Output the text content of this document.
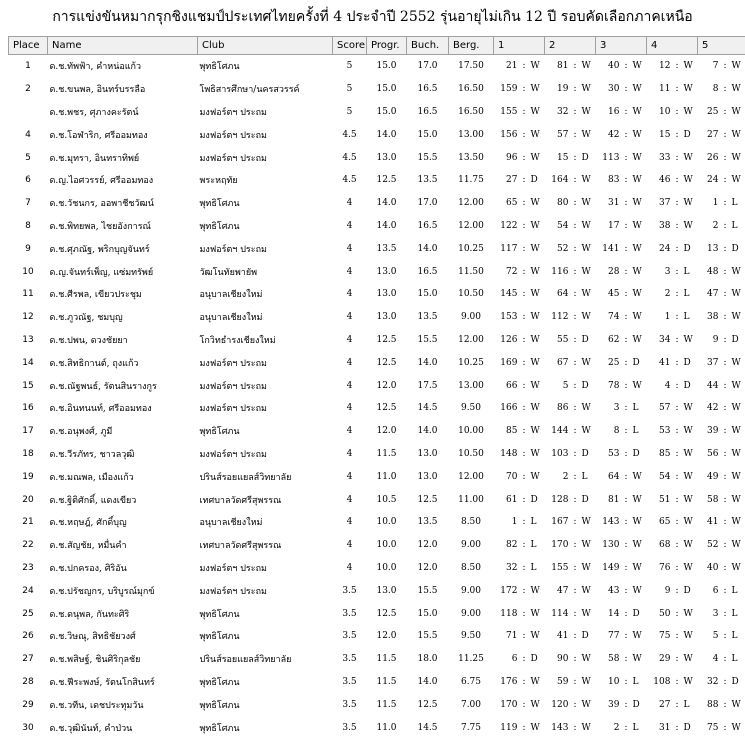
การแข่งขันหมากรุกชิงแชมป์ประเทศไทยครั้งที่ 4 ประจำปี 2552 รุ่นอายุไม่เกิน 12 ปี รอบคัดเลือกภาคเหนือ
Place	Name	Club	Score	Progr.	Buch.	Berg.	1	2	3	4	5
1	ด.ช.ทัพฟ้า, คำหน่อแก้ว	พุทธิโศภน	5	15.0	17.0	17.50	21 : W	81 : W	40 : W	12 : W	7 : W
2	ด.ช.ขนพล, อินทร์บรรลือ	โพธิสารศึกษา/นครสวรรค์	5	15.0	16.5	16.50	159 : W	19 : W	30 : W	11 : W	8 : W
	ด.ช.พชร, ศุภางคะรัตน์	มงฟอร์ตฯ ประถม	5	15.0	16.5	16.50	155 : W	32 : W	16 : W	10 : W	25 : W
4	ด.ช.โอฬาริก, ศรีออมทอง	มงฟอร์ตฯ ประถม	4.5	14.0	15.0	13.00	156 : W	57 : W	42 : W	15 : D	27 : W
5	ด.ช.มุทรา, อินทราทิพย์	มงฟอร์ตฯ ประถม	4.5	13.0	15.5	13.50	96 : W	15 : D	113 : W	33 : W	26 : W
6	ด.ญ.ไอศวรรย์, ศรีออมทอง	พระหฤทัย	4.5	12.5	13.5	11.75	27 : D	164 : W	83 : W	46 : W	24 : W
7	ด.ช.วัชนกร, ออพาชีชวัฒน์	พุทธิโศภน	4	14.0	17.0	12.00	65 : W	80 : W	31 : W	37 : W	1 : L
8	ด.ช.พิทยพล, ไชยอังการณ์	พุทธิโศภน	4	14.0	16.5	12.00	122 : W	54 : W	17 : W	38 : W	2 : L
9	ด.ช.ศุภณัฐ, พริกบุญจันทร์	มงฟอร์ตฯ ประถม	4	13.5	14.0	10.25	117 : W	52 : W	141 : W	24 : D	13 : D
10	ด.ญ.จันทร์เพ็ญ, แซ่มทรัพย์	วัฒโนทัยพายัพ	4	13.0	16.5	11.50	72 : W	116 : W	28 : W	3 : L	48 : W
11	ด.ช.ศีรพล, เขียวประชุม	อนุบาลเชียงใหม่	4	13.0	15.0	10.50	145 : W	64 : W	45 : W	2 : L	47 : W
12	ด.ช.ภูวณัฐ, ชมบุญ	อนุบาลเชียงใหม่	4	13.0	13.5	9.00	153 : W	112 : W	74 : W	1 : L	38 : W
13	ด.ช.ปพน, ดวงชัยยา	โกวิทธำรงเชียงใหม่	4	12.5	15.5	12.00	126 : W	55 : D	62 : W	34 : W	9 : D
14	ด.ช.สิทธิกานต์, ถุงแก้ว	มงฟอร์ตฯ ประถม	4	12.5	14.0	10.25	169 : W	67 : W	25 : D	41 : D	37 : W
15	ด.ช.ณัฐพนธ์, รัตนสินรางกูร	มงฟอร์ตฯ ประถม	4	12.0	17.5	13.00	66 : W	5 : D	78 : W	4 : D	44 : W
16	ด.ช.อินทนนท์, ศรีออมทอง	มงฟอร์ตฯ ประถม	4	12.5	14.5	9.50	166 : W	86 : W	3 : L	57 : W	42 : W
17	ด.ช.อนุพงศ์, ภูมี	พุทธิโศภน	4	12.0	14.0	10.00	85 : W	144 : W	8 : L	53 : W	39 : W
18	ด.ช.วีรภัทร, ชาวลวุฒิ	มงฟอร์ตฯ ประถม	4	11.5	13.0	10.50	148 : W	103 : D	53 : D	85 : W	56 : W
19	ด.ช.มณพล, เมืองแก้ว	ปรินส์รอยแยลส์วิทยาลัย	4	11.0	13.0	12.00	70 : W	2 : L	64 : W	54 : W	49 : W
20	ด.ช.ฐิติศักดิ์, แดงเขียว	เทศบาลวัดศรีสุพรรณ	4	10.5	12.5	11.00	61 : D	128 : D	81 : W	51 : W	58 : W
21	ด.ช.หฤษฎ์, ศักดิ์บุญ	อนุบาลเชียงใหม่	4	10.0	13.5	8.50	1 : L	167 : W	143 : W	65 : W	41 : W
22	ด.ช.สัญชัย, หมื่นคำ	เทศบาลวัดศรีสุพรรณ	4	10.0	12.0	9.00	82 : L	170 : W	130 : W	68 : W	52 : W
23	ด.ช.ปกครอง, ศิริอัน	มงฟอร์ตฯ ประถม	4	10.0	12.0	8.50	32 : L	155 : W	149 : W	76 : W	40 : W
24	ด.ช.ปรัชญกร, บริบูรณ์มุกข์	มงฟอร์ตฯ ประถม	3.5	13.0	15.5	9.00	172 : W	47 : W	43 : W	9 : D	6 : L
25	ด.ช.ดนุพล, กันทะศิริ	พุทธิโศภน	3.5	12.5	15.0	9.00	118 : W	114 : W	14 : D	50 : W	3 : L
26	ด.ช.วิษณุ, สิทธิชัยวงศ์	พุทธิโศภน	3.5	12.0	15.5	9.50	71 : W	41 : D	77 : W	75 : W	5 : L
27	ด.ช.พสิษฐ์, ชินศิริกุลชัย	ปรินส์รอยแยลส์วิทยาลัย	3.5	11.5	18.0	11.25	6 : D	90 : W	58 : W	29 : W	4 : L
28	ด.ช.ฟีระพงษ์, รัตนโกสินทร์	พุทธิโศภน	3.5	11.5	14.0	6.75	176 : W	59 : W	10 : L	108 : W	32 : D
29	ด.ช.วทีน, เดชประทุมวัน	พุทธิโศภน	3.5	11.5	12.5	7.00	170 : W	120 : W	39 : D	27 : L	88 : W
30	ด.ช.วุฒินันท์, คำป่วน	พุทธิโศภน	3.5	11.0	14.5	7.75	119 : W	143 : W	2 : L	31 : D	75 : W
